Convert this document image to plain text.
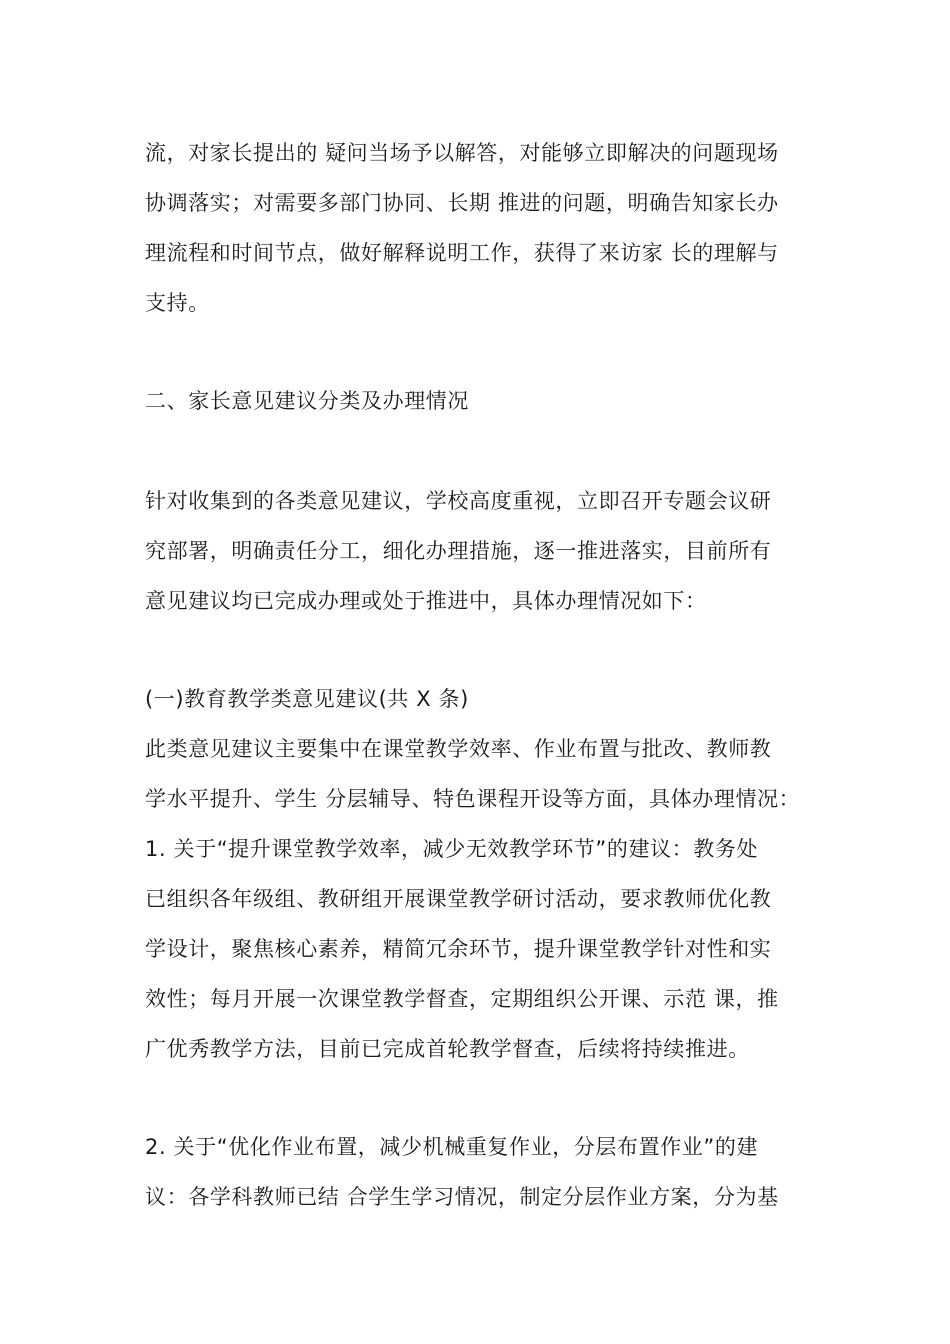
流，对家长提出的 疑问当场予以解答，对能够立即解决的问题现场
协调落实；对需要多部门协同、长期 推进的问题，明确告知家长办
理流程和时间节点，做好解释说明工作，获得了来访家 长的理解与
支持。
二、家长意见建议分类及办理情况
针对收集到的各类意见建议，学校高度重视，立即召开专题会议研
究部署，明确责任分工，细化办理措施，逐一推进落实，目前所有
意见建议均已完成办理或处于推进中，具体办理情况如下：
(一)教育教学类意见建议(共 X 条)
此类意见建议主要集中在课堂教学效率、作业布置与批改、教师教
学水平提升、学生 分层辅导、特色课程开设等方面，具体办理情况：
1. 关于“提升课堂教学效率，减少无效教学环节”的建议：教务处
已组织各年级组、教研组开展课堂教学研讨活动，要求教师优化教
学设计，聚焦核心素养，精简冗余环节，提升课堂教学针对性和实
效性；每月开展一次课堂教学督查，定期组织公开课、示范 课，推
广优秀教学方法，目前已完成首轮教学督查，后续将持续推进。
2. 关于“优化作业布置，减少机械重复作业，分层布置作业”的建
议：各学科教师已结 合学生学习情况，制定分层作业方案，分为基
